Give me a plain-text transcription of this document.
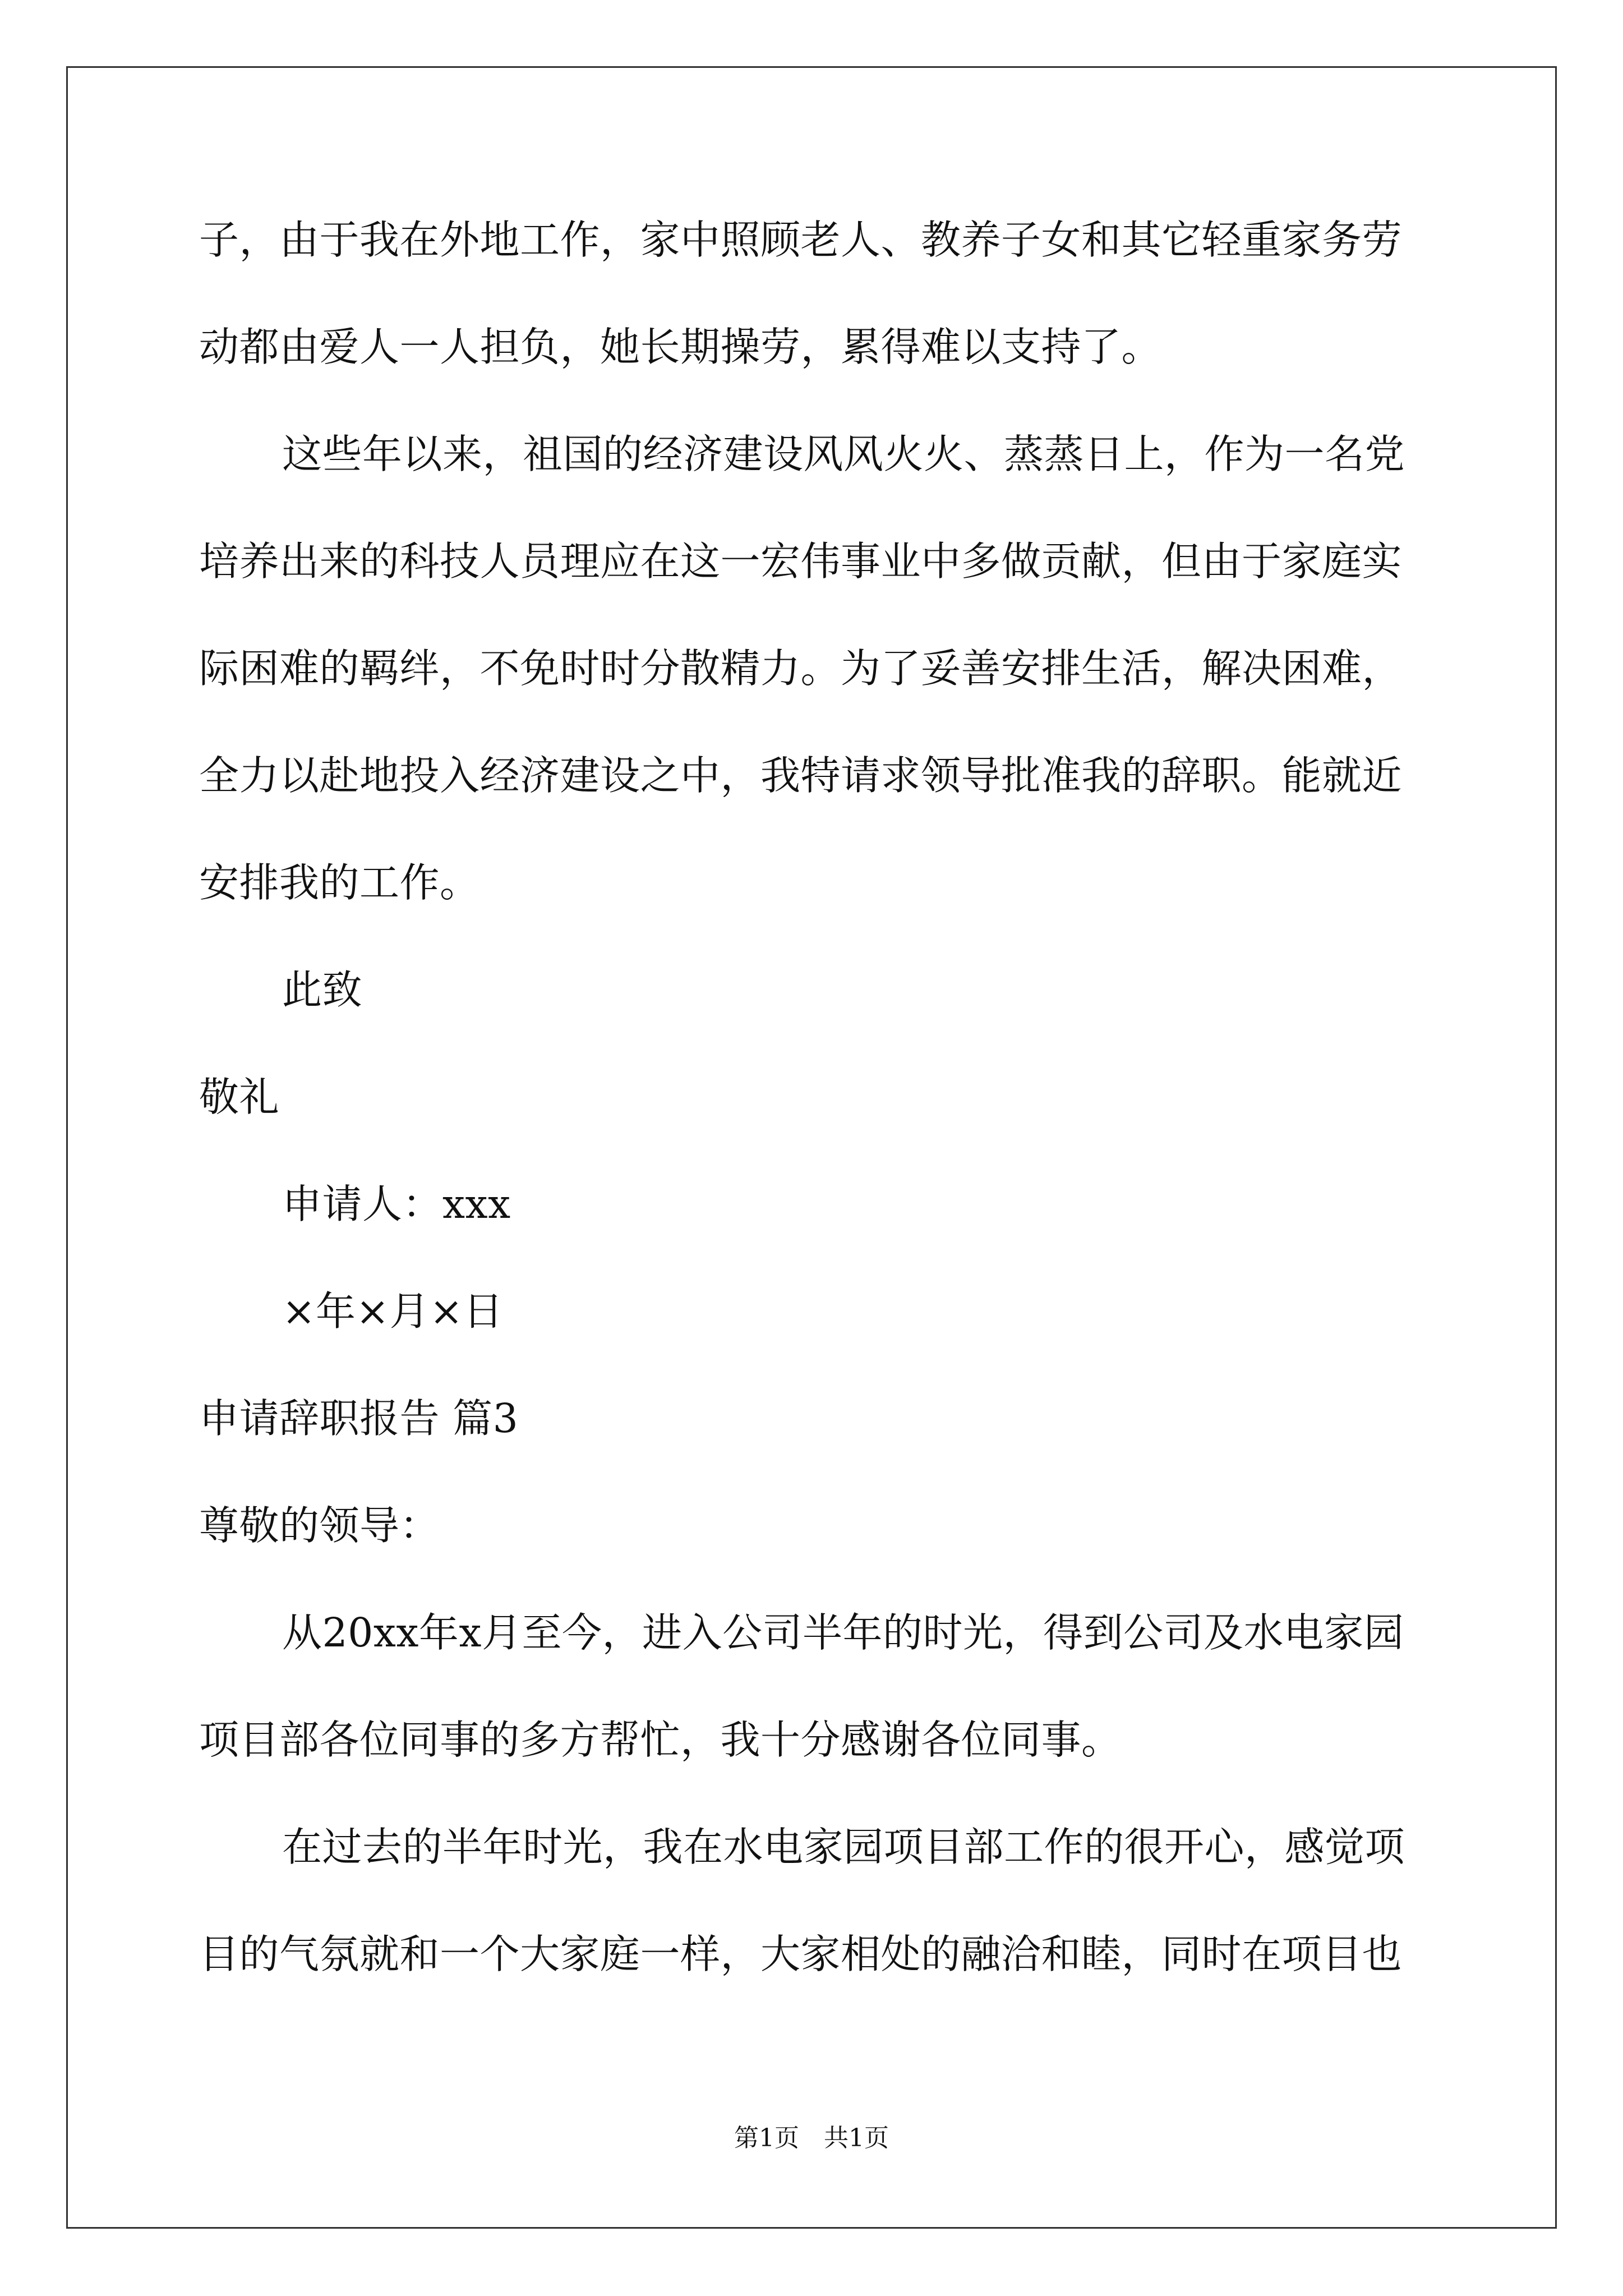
子，由于我在外地工作，家中照顾老人、教养子女和其它轻重家务劳
动都由爱人一人担负，她长期操劳，累得难以支持了。
这些年以来，祖国的经济建设风风火火、蒸蒸日上，作为一名党
培养出来的科技人员理应在这一宏伟事业中多做贡献，但由于家庭实
际困难的羁绊，不免时时分散精力。为了妥善安排生活，解决困难，
全力以赴地投入经济建设之中，我特请求领导批准我的辞职。能就近
安排我的工作。
此致
敬礼
申请人：xxx
×年×月×日
申请辞职报告 篇3
尊敬的领导：
从20xx年x月至今，进入公司半年的时光，得到公司及水电家园
项目部各位同事的多方帮忙，我十分感谢各位同事。
在过去的半年时光，我在水电家园项目部工作的很开心，感觉项
目的气氛就和一个大家庭一样，大家相处的融洽和睦，同时在项目也
第1页 共1页
